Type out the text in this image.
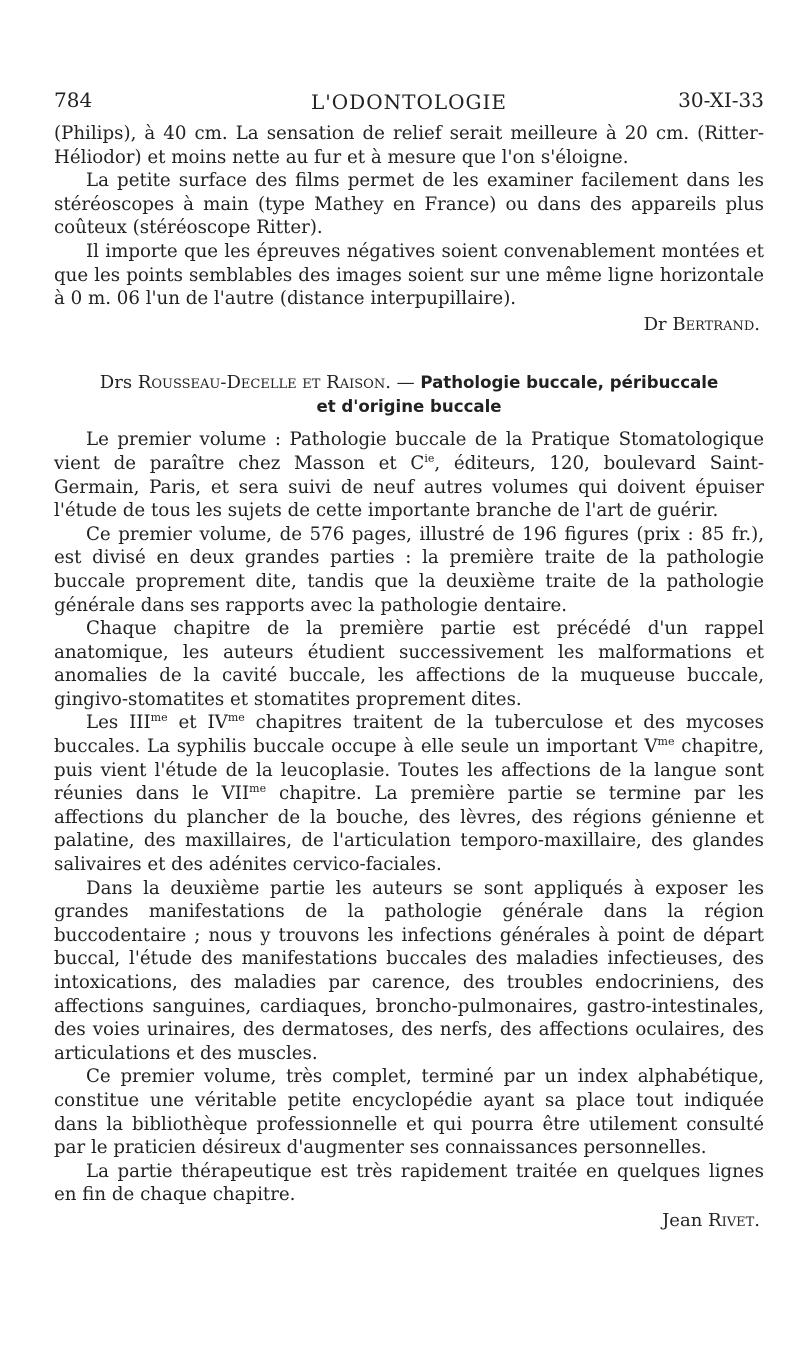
784	L'ODONTOLOGIE	30-XI-33

(Philips), à 40 cm. La sensation de relief serait meilleure à 20 cm. (Ritter-Héliodor) et moins nette au fur et à mesure que l'on s'éloigne.

La petite surface des films permet de les examiner facilement dans les stéréoscopes à main (type Mathey en France) ou dans des appareils plus coûteux (stéréoscope Ritter).

Il importe que les épreuves négatives soient convenablement montées et que les points semblables des images soient sur une même ligne horizontale à 0 m. 06 l'un de l'autre (distance interpupillaire).

Dr Bertrand.
Drs Rousseau-Decelle et Raison. — Pathologie buccale, péribuccale
et d'origine buccale

Le premier volume : Pathologie buccale de la Pratique Stomatologique vient de paraître chez Masson et $C^{ie}$, éditeurs, 120, boulevard Saint-Germain, Paris, et sera suivi de neuf autres volumes qui doivent épuiser l'étude de tous les sujets de cette importante branche de l'art de guérir.

Ce premier volume, de 576 pages, illustré de 196 figures (prix : 85 fr.), est divisé en deux grandes parties : la première traite de la pathologie buccale proprement dite, tandis que la deuxième traite de la pathologie générale dans ses rapports avec la pathologie dentaire.

Chaque chapitre de la première partie est précédé d'un rappel anatomique, les auteurs étudient successivement les malformations et anomalies de la cavité buccale, les affections de la muqueuse buccale, gingivo-stomatites et stomatites proprement dites.

Les $III^{me}$ et $IV^{me}$ chapitres traitent de la tuberculose et des mycoses buccales. La syphilis buccale occupe à elle seule un important $V^{me}$ chapitre, puis vient l'étude de la leucoplasie. Toutes les affections de la langue sont réunies dans le $VII^{me}$ chapitre. La première partie se termine par les affections du plancher de la bouche, des lèvres, des régions génienne et palatine, des maxillaires, de l'articulation temporo-maxillaire, des glandes salivaires et des adénites cervico-faciales.

Dans la deuxième partie les auteurs se sont appliqués à exposer les grandes manifestations de la pathologie générale dans la région buccodentaire ; nous y trouvons les infections générales à point de départ buccal, l'étude des manifestations buccales des maladies infectieuses, des intoxications, des maladies par carence, des troubles endocriniens, des affections sanguines, cardiaques, broncho-pulmonaires, gastro-intestinales, des voies urinaires, des dermatoses, des nerfs, des affections oculaires, des articulations et des muscles.

Ce premier volume, très complet, terminé par un index alphabétique, constitue une véritable petite encyclopédie ayant sa place tout indiquée dans la bibliothèque professionnelle et qui pourra être utilement consulté par le praticien désireux d'augmenter ses connaissances personnelles.

La partie thérapeutique est très rapidement traitée en quelques lignes en fin de chaque chapitre.

Jean Rivet.
